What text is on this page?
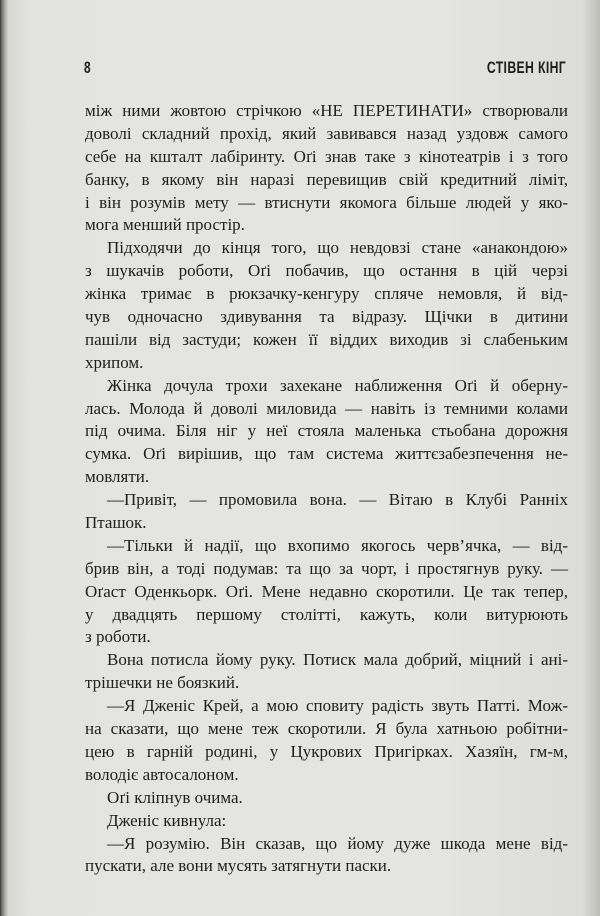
8	СТІВЕН КІНГ
між ними жовтою стрічкою «НЕ ПЕРЕТИНАТИ» створювали
доволі складний прохід, який завивався назад уздовж самого
себе на кшталт лабіринту. Оґі знав таке з кінотеатрів і з того
банку, в якому він наразі перевищив свій кредитний ліміт,
і він розумів мету — втиснути якомога більше людей у яко-
мога менший простір.
Підходячи до кінця того, що невдовзі стане «анакондою»
з шукачів роботи, Оґі побачив, що остання в цій черзі
жінка тримає в рюкзачку-кенгуру спляче немовля, й від-
чув одночасно здивування та відразу. Щічки в дитини
пашіли від застуди; кожен її віддих виходив зі слабеньким
хрипом.
Жінка дочула трохи захекане наближення Оґі й оберну-
лась. Молода й доволі миловида — навіть із темними колами
під очима. Біля ніг у неї стояла маленька стьобана дорожня
сумка. Оґі вирішив, що там система життєзабезпечення не-
мовляти.
—Привіт, — промовила вона. — Вітаю в Клубі Ранніх
Пташок.
—Тільки й надії, що вхопимо якогось черв’ячка, — від-
брив він, а тоді подумав: та що за чорт, і простягнув руку. —
Оґаст Оденкьорк. Оґі. Мене недавно скоротили. Це так тепер,
у двадцять першому столітті, кажуть, коли витурюють
з роботи.
Вона потисла йому руку. Потиск мала добрий, міцний і ані-
трішечки не боязкий.
—Я Дженіс Крей, а мою сповиту радість звуть Патті. Мож-
на сказати, що мене теж скоротили. Я була хатньою робітни-
цею в гарній родині, у Цукрових Пригірках. Хазяїн, гм-м,
володіє автосалоном.
Оґі кліпнув очима.
Дженіс кивнула:
—Я розумію. Він сказав, що йому дуже шкода мене від-
пускати, але вони мусять затягнути паски.
